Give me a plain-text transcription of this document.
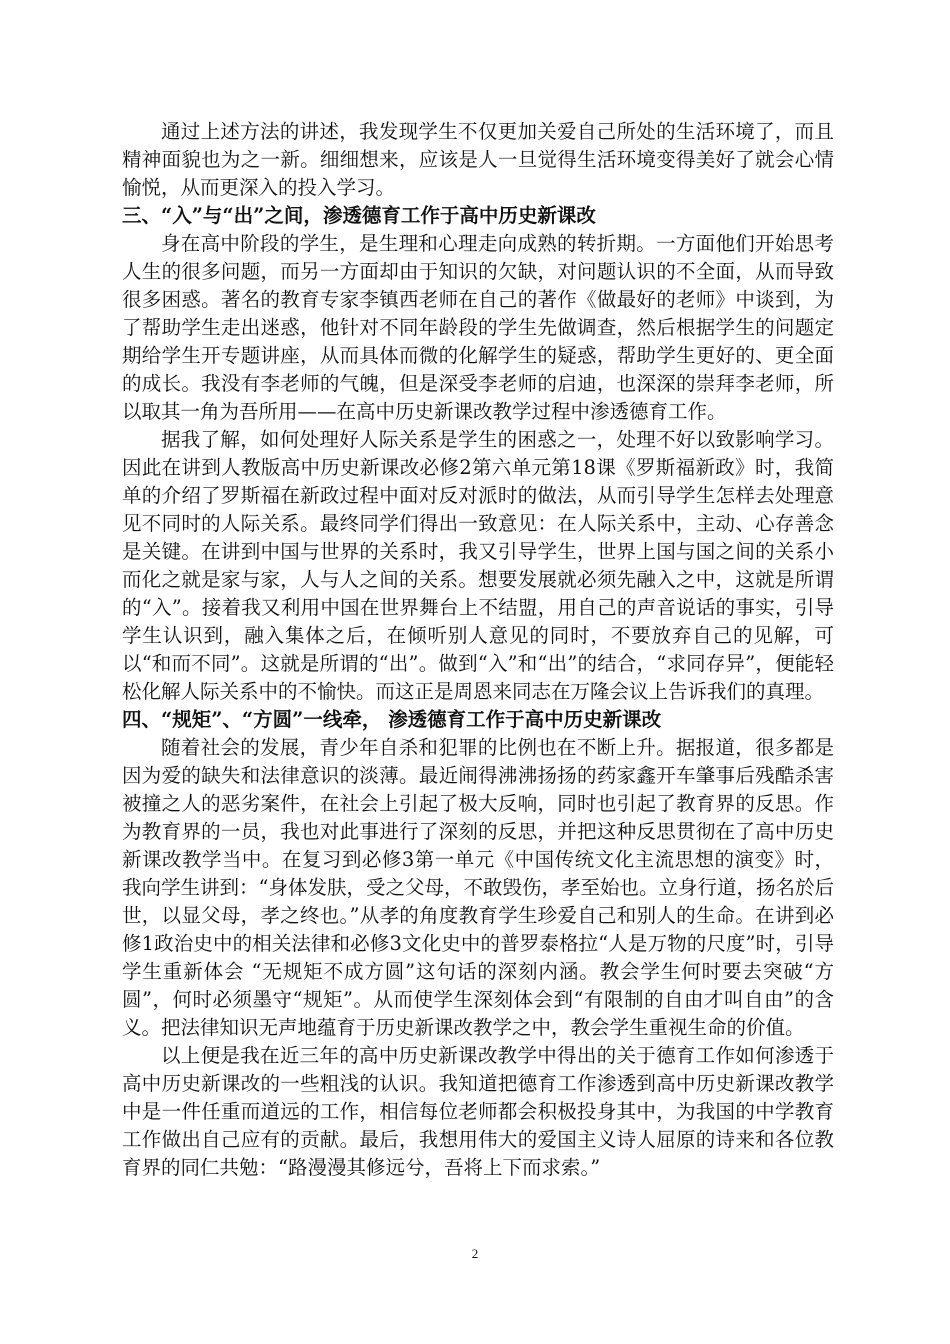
通过上述方法的讲述，我发现学生不仅更加关爱自己所处的生活环境了，而且精神面貌也为之一新。细细想来，应该是人一旦觉得生活环境变得美好了就会心情愉悦，从而更深入的投入学习。

三、“入”与“出”之间，渗透德育工作于高中历史新课改

身在高中阶段的学生，是生理和心理走向成熟的转折期。一方面他们开始思考人生的很多问题，而另一方面却由于知识的欠缺，对问题认识的不全面，从而导致很多困惑。著名的教育专家李镇西老师在自己的著作《做最好的老师》中谈到，为了帮助学生走出迷惑，他针对不同年龄段的学生先做调查，然后根据学生的问题定期给学生开专题讲座，从而具体而微的化解学生的疑惑，帮助学生更好的、更全面的成长。我没有李老师的气魄，但是深受李老师的启迪，也深深的崇拜李老师，所以取其一角为吾所用——在高中历史新课改教学过程中渗透德育工作。

据我了解，如何处理好人际关系是学生的困惑之一，处理不好以致影响学习。因此在讲到人教版高中历史新课改必修2第六单元第18课《罗斯福新政》时，我简单的介绍了罗斯福在新政过程中面对反对派时的做法，从而引导学生怎样去处理意见不同时的人际关系。最终同学们得出一致意见：在人际关系中，主动、心存善念是关键。在讲到中国与世界的关系时，我又引导学生，世界上国与国之间的关系小而化之就是家与家，人与人之间的关系。想要发展就必须先融入之中，这就是所谓的“入”。接着我又利用中国在世界舞台上不结盟，用自己的声音说话的事实，引导学生认识到，融入集体之后，在倾听别人意见的同时，不要放弃自己的见解，可以“和而不同”。这就是所谓的“出”。做到“入”和“出”的结合，“求同存异”，便能轻松化解人际关系中的不愉快。而这正是周恩来同志在万隆会议上告诉我们的真理。

四、“规矩”、“方圆”一线牵， 渗透德育工作于高中历史新课改

随着社会的发展，青少年自杀和犯罪的比例也在不断上升。据报道，很多都是因为爱的缺失和法律意识的淡薄。最近闹得沸沸扬扬的药家鑫开车肇事后残酷杀害被撞之人的恶劣案件，在社会上引起了极大反响，同时也引起了教育界的反思。作为教育界的一员，我也对此事进行了深刻的反思，并把这种反思贯彻在了高中历史新课改教学当中。在复习到必修3第一单元《中国传统文化主流思想的演变》时，我向学生讲到：“身体发肤，受之父母，不敢毁伤，孝至始也。立身行道，扬名於后世，以显父母，孝之终也。”从孝的角度教育学生珍爱自己和别人的生命。在讲到必修1政治史中的相关法律和必修3文化史中的普罗泰格拉“人是万物的尺度”时，引导学生重新体会 “无规矩不成方圆”这句话的深刻内涵。教会学生何时要去突破“方圆”，何时必须墨守“规矩”。从而使学生深刻体会到“有限制的自由才叫自由”的含义。把法律知识无声地蕴育于历史新课改教学之中，教会学生重视生命的价值。

以上便是我在近三年的高中历史新课改教学中得出的关于德育工作如何渗透于高中历史新课改的一些粗浅的认识。我知道把德育工作渗透到高中历史新课改教学中是一件任重而道远的工作，相信每位老师都会积极投身其中，为我国的中学教育工作做出自己应有的贡献。最后，我想用伟大的爱国主义诗人屈原的诗来和各位教育界的同仁共勉：“路漫漫其修远兮，吾将上下而求索。”

2
